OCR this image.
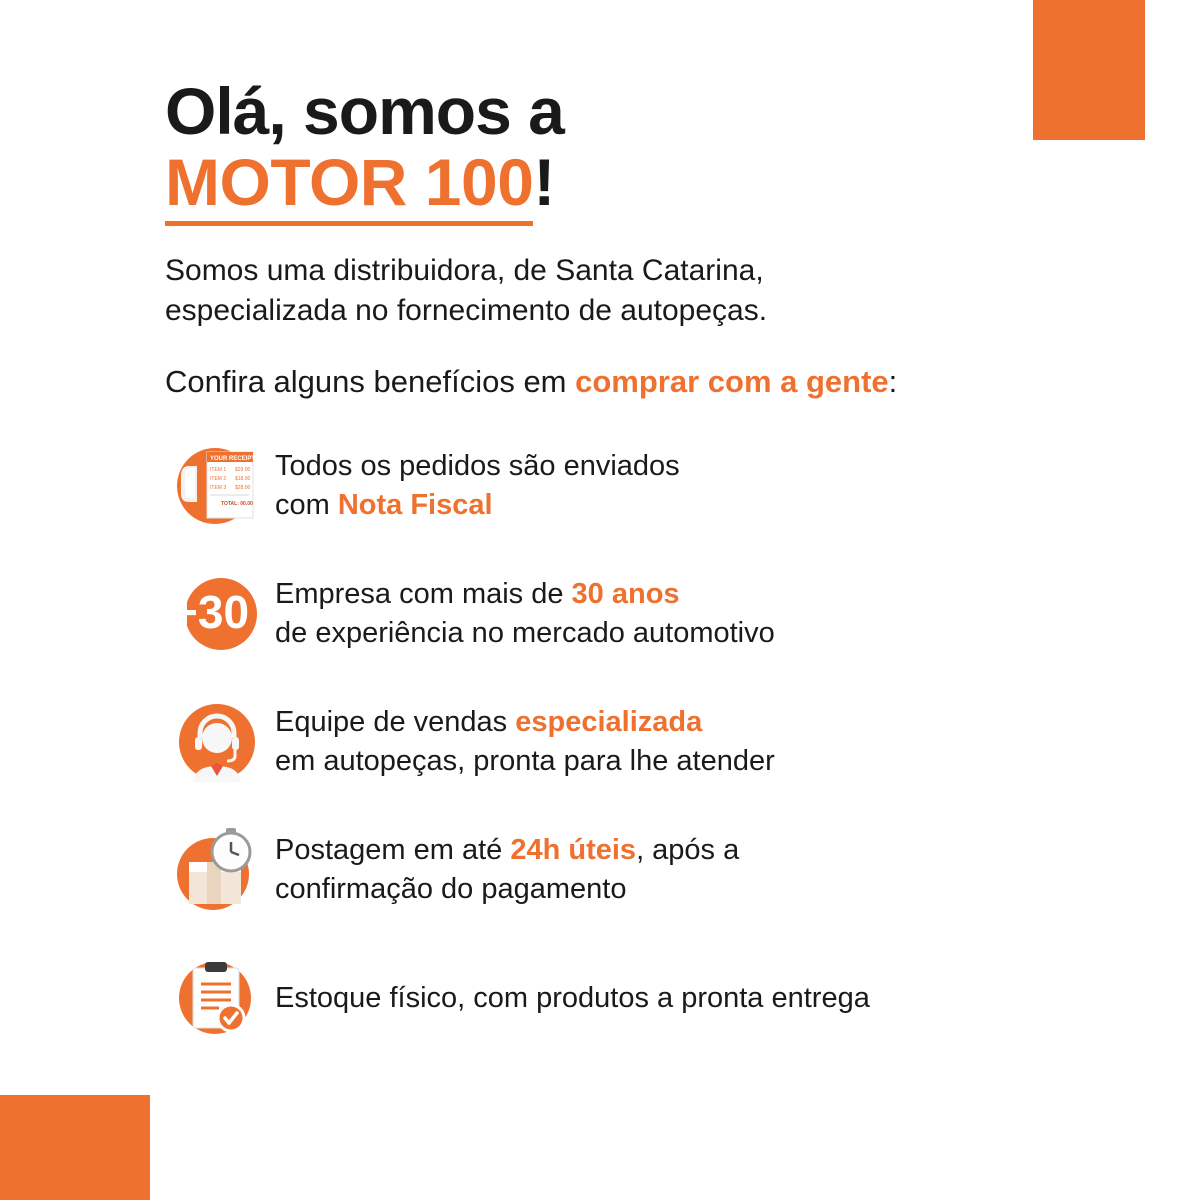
Olá, somos a
MOTOR 100!

Somos uma distribuidora, de Santa Catarina,
especializada no fornecimento de autopeças.

Confira alguns benefícios em comprar com a gente:

YOUR RECEIPT
ITEM 1 $29.00
ITEM 2 $18.00
ITEM 3 $28.00
TOTAL: 00.00
Todos os pedidos são enviados
com Nota Fiscal
+30 Empresa com mais de 30 anos
de experiência no mercado automotivo
Equipe de vendas especializada
em autopeças, pronta para lhe atender
Postagem em até 24h úteis, após a
confirmação do pagamento
Estoque físico, com produtos a pronta entrega
